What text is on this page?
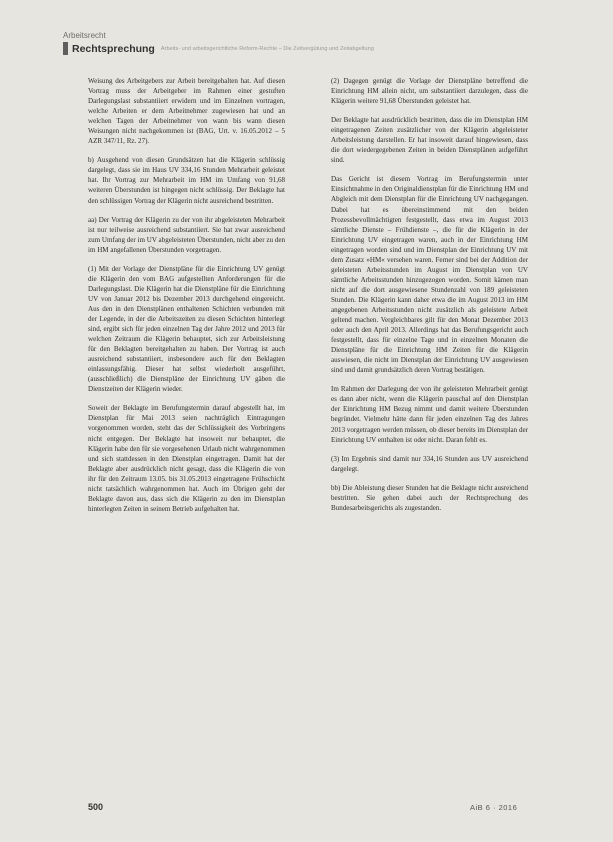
Arbeitsrecht
Rechtsprechung Arbeits- und arbeitsgerichtliche Reform-Rechte – Die Zeitvergütung und Zeitabgeltung

Weisung des Arbeitgebers zur Arbeit bereitgehalten hat. Auf diesen Vortrag muss der Arbeitgeber im Rahmen einer gestuften Darlegungslast substantiiert erwidern und im Einzelnen vortragen, welche Arbeiten er dem Arbeitnehmer zugewiesen hat und an welchen Tagen der Arbeitnehmer von wann bis wann diesen Weisungen nicht nachgekommen ist (BAG, Urt. v. 16.05.2012 – 5 AZR 347/11, Rz. 27).

b) Ausgehend von diesen Grundsätzen hat die Klägerin schlüssig dargelegt, dass sie im Haus UV 334,16 Stunden Mehrarbeit geleistet hat. Ihr Vortrag zur Mehrarbeit im HM im Umfang von 91,68 weiteren Überstunden ist hingegen nicht schlüssig. Der Beklagte hat den schlüssigen Vortrag der Klägerin nicht ausreichend bestritten.

aa) Der Vortrag der Klägerin zu der von ihr abgeleisteten Mehrarbeit ist nur teilweise ausreichend substantiiert. Sie hat zwar ausreichend zum Umfang der im UV abgeleisteten Überstunden, nicht aber zu den im HM angefallenen Überstunden vorgetragen.

(1) Mit der Vorlage der Dienstpläne für die Einrichtung UV genügt die Klägerin den vom BAG aufgestellten Anforderungen für die Darlegungslast. Die Klägerin hat die Dienstpläne für die Einrichtung UV von Januar 2012 bis Dezember 2013 durchgehend eingereicht. Aus den in den Dienstplänen enthaltenen Schichten verbunden mit der Legende, in der die Arbeitszeiten zu diesen Schichten hinterlegt sind, ergibt sich für jeden einzelnen Tag der Jahre 2012 und 2013 für welchen Zeitraum die Klägerin behauptet, sich zur Arbeitsleistung für den Beklagten bereitgehalten zu haben. Der Vortrag ist auch ausreichend substantiiert, insbesondere auch für den Beklagten einlassungsfähig. Dieser hat selbst wiederholt ausgeführt, (ausschließlich) die Dienstpläne der Einrichtung UV gäben die Dienstzeiten der Klägerin wieder.

Soweit der Beklagte im Berufungstermin darauf abgestellt hat, im Dienstplan für Mai 2013 seien nachträglich Eintragungen vorgenommen worden, steht das der Schlüssigkeit des Vorbringens nicht entgegen. Der Beklagte hat insoweit nur behauptet, die Klägerin habe den für sie vorgesehenen Urlaub nicht wahrgenommen und sich stattdessen in den Dienstplan eingetragen. Damit hat der Beklagte aber ausdrücklich nicht gesagt, dass die Klägerin die von ihr für den Zeitraum 13.05. bis 31.05.2013 eingetragene Frühschicht nicht tatsächlich wahrgenommen hat. Auch im Übrigen geht der Beklagte davon aus, dass sich die Klägerin zu den im Dienstplan hinterlegten Zeiten in seinem Betrieb aufgehalten hat.

(2) Dagegen genügt die Vorlage der Dienstpläne betreffend die Einrichtung HM allein nicht, um substantiiert darzulegen, dass die Klägerin weitere 91,68 Überstunden geleistet hat.

Der Beklagte hat ausdrücklich bestritten, dass die im Dienstplan HM eingetragenen Zeiten zusätzlicher von der Klägerin abgeleisteter Arbeitsleistung darstellen. Er hat insoweit darauf hingewiesen, dass die dort wiedergegebenen Zeiten in beiden Dienstplänen aufgeführt sind.

Das Gericht ist diesem Vortrag im Berufungstermin unter Einsichtnahme in den Originaldienstplan für die Einrichtung HM und Abgleich mit dem Dienstplan für die Einrichtung UV nachgegangen. Dabei hat es übereinstimmend mit den beiden Prozessbevollmächtigten festgestellt, dass etwa im August 2013 sämtliche Dienste – Frühdienste –, die für die Klägerin in der Einrichtung UV eingetragen waren, auch in der Einrichtung HM eingetragen worden sind und im Dienstplan der Einrichtung UV mit dem Zusatz »HM« versehen waren. Ferner sind bei der Addition der geleisteten Arbeitsstunden im August im Dienstplan von UV sämtliche Arbeitsstunden hinzugezogen worden. Somit kämen man nicht auf die dort ausgewiesene Stundenzahl von 189 geleisteten Stunden. Die Klägerin kann daher etwa die im August 2013 im HM angegebenen Arbeitsstunden nicht zusätzlich als geleistete Arbeit geltend machen. Vergleichbares gilt für den Monat Dezember 2013 oder auch den April 2013. Allerdings hat das Berufungsgericht auch festgestellt, dass für einzelne Tage und in einzelnen Monaten die Dienstpläne für die Einrichtung HM Zeiten für die Klägerin auswiesen, die nicht im Dienstplan der Einrichtung UV ausgewiesen sind und damit grundsätzlich deren Vortrag bestätigen.

Im Rahmen der Darlegung der von ihr geleisteten Mehrarbeit genügt es dann aber nicht, wenn die Klägerin pauschal auf den Dienstplan der Einrichtung HM Bezug nimmt und damit weitere Überstunden begründet. Vielmehr hätte dann für jeden einzelnen Tag des Jahres 2013 vorgetragen werden müssen, ob dieser bereits im Dienstplan der Einrichtung UV enthalten ist oder nicht. Daran fehlt es.

(3) Im Ergebnis sind damit nur 334,16 Stunden aus UV ausreichend dargelegt.

bb) Die Ableistung dieser Stunden hat die Beklagte nicht ausreichend bestritten. Sie gehen dabei auch der Rechtsprechung des Bundesarbeitsgerichts als zugestanden.

500	AiB 6 · 2016
